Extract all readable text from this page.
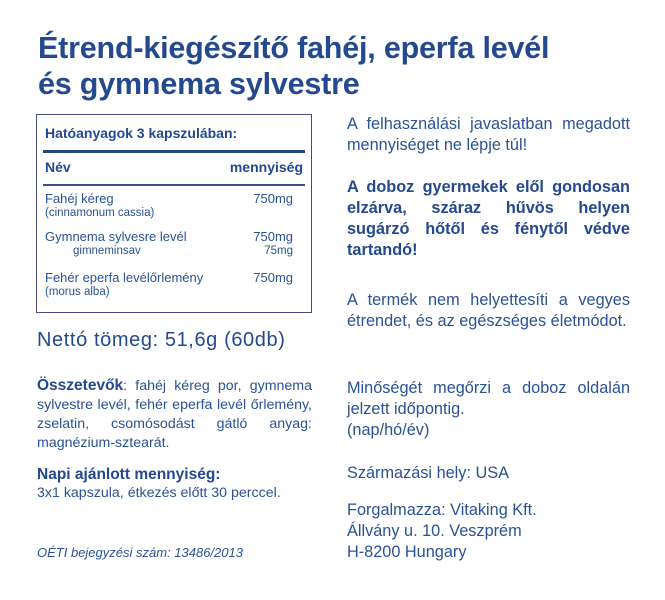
Étrend-kiegészítő fahéj, eperfa levél
és gymnema sylvestre
Hatóanyagok 3 kapszulában:
Név	mennyiség
Fahéj kéreg	750mg
(cinnamonum cassia)
Gymnema sylvesre levél	750mg
gimneminsav	75mg
Fehér eperfa levélőrlemény	750mg
(morus alba)
Nettó tömeg: 51,6g (60db)
Összetevők: fahéj kéreg por, gymnema sylvestre levél, fehér eperfa levél őrlemény, zselatin, csomósodást gátló anyag: magnézium-sztearát.
Napi ajánlott mennyiség:
3x1 kapszula, étkezés előtt 30 perccel.
OÉTI bejegyzési szám: 13486/2013
A felhasználási javaslatban megadott mennyiséget ne lépje túl!
A doboz gyermekek elől gondosan elzárva, száraz hűvös helyen sugárzó hőtől és fénytől védve tartandó!
A termék nem helyettesíti a vegyes étrendet, és az egészséges életmódot.
Minőségét megőrzi a doboz oldalán jelzett időpontig.
(nap/hó/év)
Származási hely: USA
Forgalmazza: Vitaking Kft.
Állvány u. 10. Veszprém
H-8200 Hungary
